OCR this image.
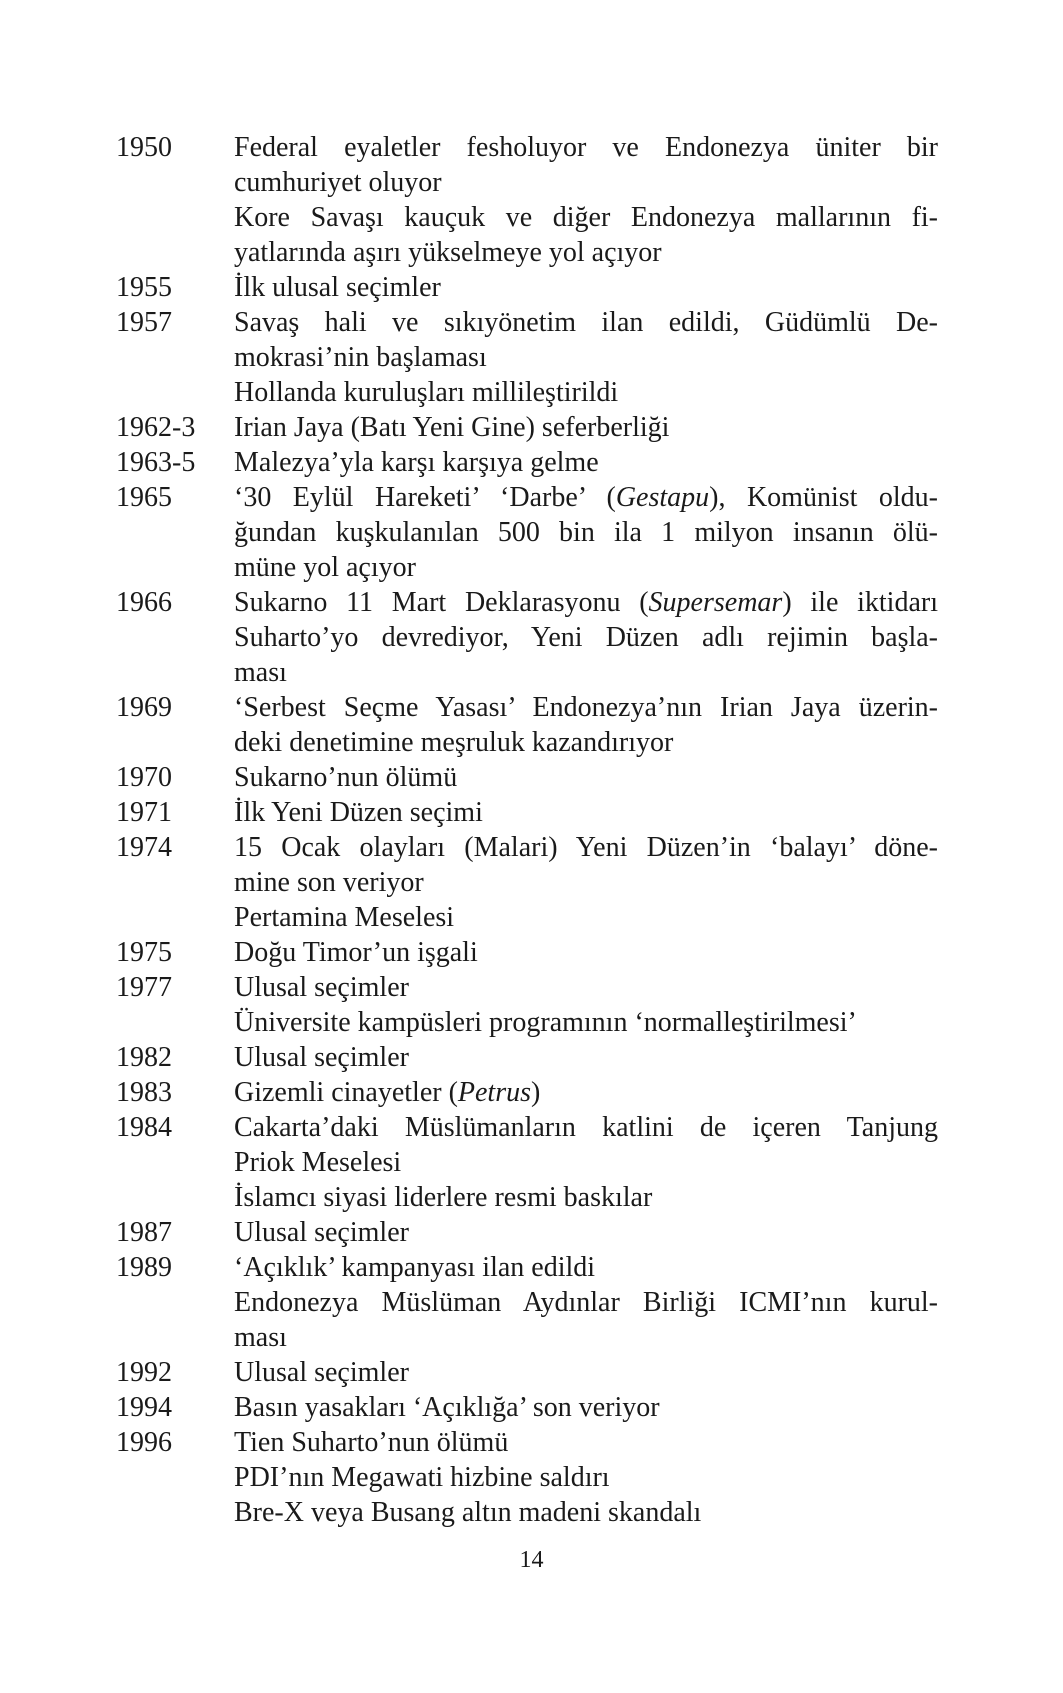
1950	Federal eyaletler fesholuyor ve Endonezya üniter bir
cumhuriyet oluyor
Kore Savaşı kauçuk ve diğer Endonezya mallarının fi-
yatlarında aşırı yükselmeye yol açıyor
1955	İlk ulusal seçimler
1957	Savaş hali ve sıkıyönetim ilan edildi, Güdümlü De-
mokrasi’nin başlaması
Hollanda kuruluşları millileştirildi
1962-3	Irian Jaya (Batı Yeni Gine) seferberliği
1963-5	Malezya’yla karşı karşıya gelme
1965	‘30 Eylül Hareketi’ ‘Darbe’ (Gestapu), Komünist oldu-
ğundan kuşkulanılan 500 bin ila 1 milyon insanın ölü-
müne yol açıyor
1966	Sukarno 11 Mart Deklarasyonu (Supersemar) ile iktidarı
Suharto’yo devrediyor, Yeni Düzen adlı rejimin başla-
ması
1969	‘Serbest Seçme Yasası’ Endonezya’nın Irian Jaya üzerin-
deki denetimine meşruluk kazandırıyor
1970	Sukarno’nun ölümü
1971	İlk Yeni Düzen seçimi
1974	15 Ocak olayları (Malari) Yeni Düzen’in ‘balayı’ döne-
mine son veriyor
Pertamina Meselesi
1975	Doğu Timor’un işgali
1977	Ulusal seçimler
Üniversite kampüsleri programının ‘normalleştirilmesi’
1982	Ulusal seçimler
1983	Gizemli cinayetler (Petrus)
1984	Cakarta’daki Müslümanların katlini de içeren Tanjung
Priok Meselesi
İslamcı siyasi liderlere resmi baskılar
1987	Ulusal seçimler
1989	‘Açıklık’ kampanyası ilan edildi
Endonezya Müslüman Aydınlar Birliği ICMI’nın kurul-
ması
1992	Ulusal seçimler
1994	Basın yasakları ‘Açıklığa’ son veriyor
1996	Tien Suharto’nun ölümü
PDI’nın Megawati hizbine saldırı
Bre-X veya Busang altın madeni skandalı
14
